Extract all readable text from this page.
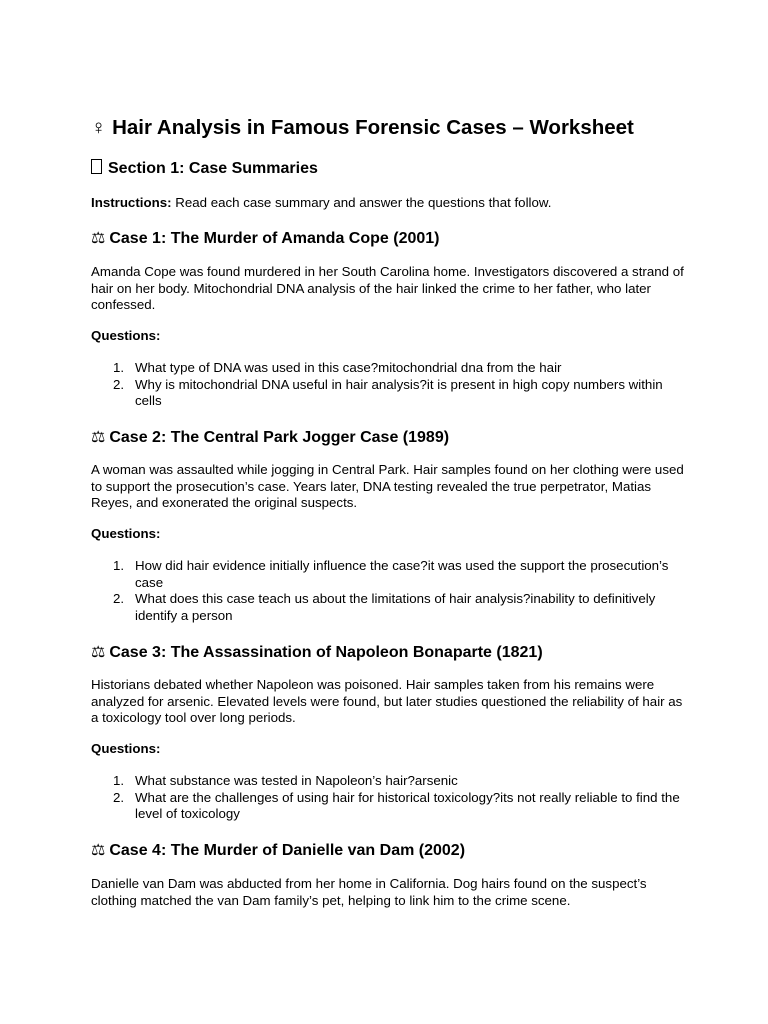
♀ Hair Analysis in Famous Forensic Cases – Worksheet
Section 1: Case Summaries

Instructions: Read each case summary and answer the questions that follow.

⚖ Case 1: The Murder of Amanda Cope (2001)

Amanda Cope was found murdered in her South Carolina home. Investigators discovered a strand of hair on her body. Mitochondrial DNA analysis of the hair linked the crime to her father, who later confessed.

Questions:

1. What type of DNA was used in this case?mitochondrial dna from the hair
2. Why is mitochondrial DNA useful in hair analysis?it is present in high copy numbers within cells
⚖ Case 2: The Central Park Jogger Case (1989)

A woman was assaulted while jogging in Central Park. Hair samples found on her clothing were used to support the prosecution’s case. Years later, DNA testing revealed the true perpetrator, Matias Reyes, and exonerated the original suspects.

Questions:

1. How did hair evidence initially influence the case?it was used the support the prosecution’s case
2. What does this case teach us about the limitations of hair analysis?inability to definitively identify a person
⚖ Case 3: The Assassination of Napoleon Bonaparte (1821)

Historians debated whether Napoleon was poisoned. Hair samples taken from his remains were analyzed for arsenic. Elevated levels were found, but later studies questioned the reliability of hair as a toxicology tool over long periods.

Questions:

1. What substance was tested in Napoleon’s hair?arsenic
2. What are the challenges of using hair for historical toxicology?its not really reliable to find the level of toxicology
⚖ Case 4: The Murder of Danielle van Dam (2002)

Danielle van Dam was abducted from her home in California. Dog hairs found on the suspect’s clothing matched the van Dam family’s pet, helping to link him to the crime scene.
